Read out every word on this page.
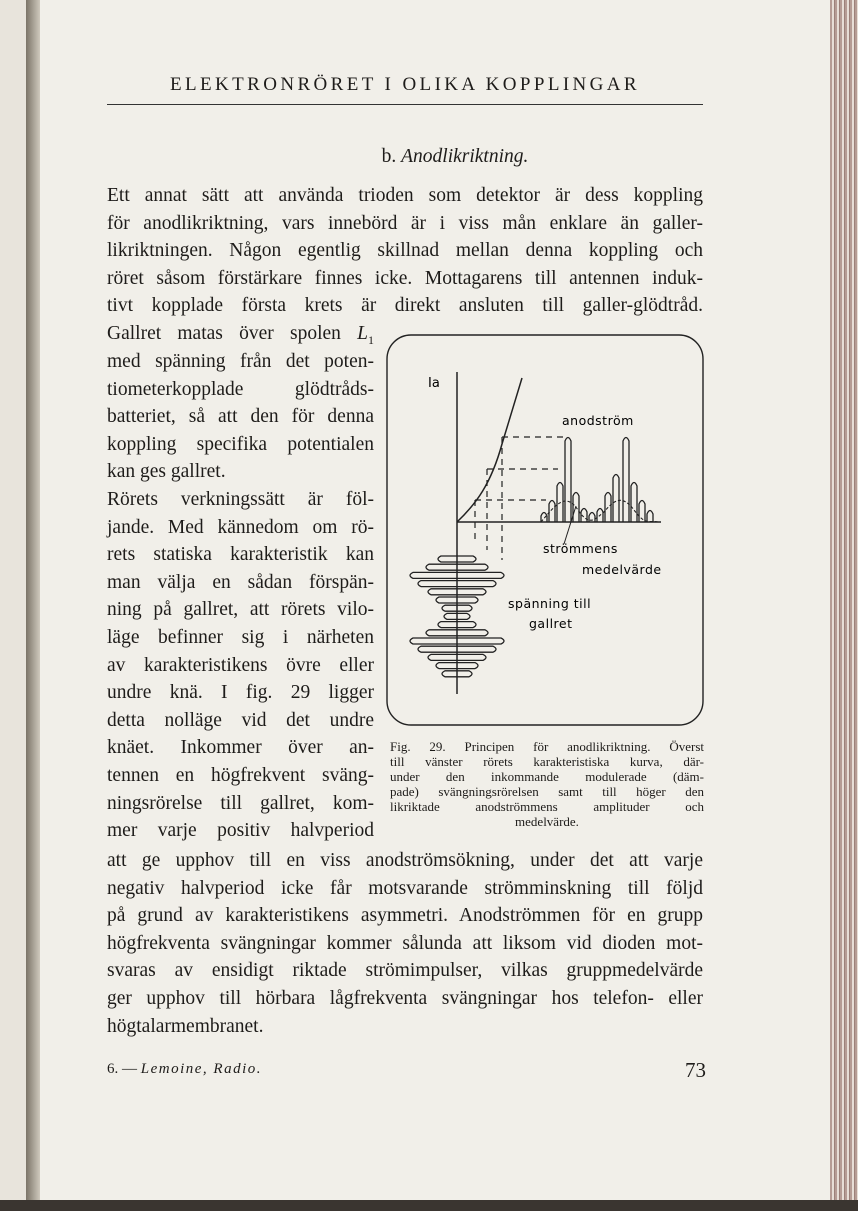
ELEKTRONRÖRET I OLIKA KOPPLINGAR
b. Anodlikriktning.
Ett annat sätt att använda trioden som detektor är dess koppling
för anodlikriktning, vars innebörd är i viss mån enklare än galler-
likriktningen. Någon egentlig skillnad mellan denna koppling och
röret såsom förstärkare finnes icke. Mottagarens till antennen induk-
tivt kopplade första krets är direkt ansluten till galler-glödtråd.
Gallret matas över spolen $L_1$
med spänning från det poten-
tiometerkopplade glödtråds-
batteriet, så att den för denna
koppling specifika potentialen
kan ges gallret.
Rörets verkningssätt är föl-
jande. Med kännedom om rö-
rets statiska karakteristik kan
man välja en sådan förspän-
ning på gallret, att rörets vilo-
läge befinner sig i närheten
av karakteristikens övre eller
undre knä. I fig. 29 ligger
detta nolläge vid det undre
knäet. Inkommer över an-
tennen en högfrekvent sväng-
ningsrörelse till gallret, kom-
mer varje positiv halvperiod
att ge upphov till en viss anodströmsökning, under det att varje
negativ halvperiod icke får motsvarande strömminskning till följd
på grund av karakteristikens asymmetri. Anodströmmen för en grupp
högfrekventa svängningar kommer sålunda att liksom vid dioden mot-
svaras av ensidigt riktade strömimpulser, vilkas gruppmedelvärde
ger upphov till hörbara lågfrekventa svängningar hos telefon- eller
högtalarmembranet.
Ia
anodström
strömmens
medelvärde
spänning till
gallret
Fig. 29. Principen för anodlikriktning. Överst
till vänster rörets karakteristiska kurva, där-
under den inkommande modulerade (däm-
pade) svängningsrörelsen samt till höger den
likriktade anodströmmens amplituder och
medelvärde.
6. — Lemoine, Radio.	73
